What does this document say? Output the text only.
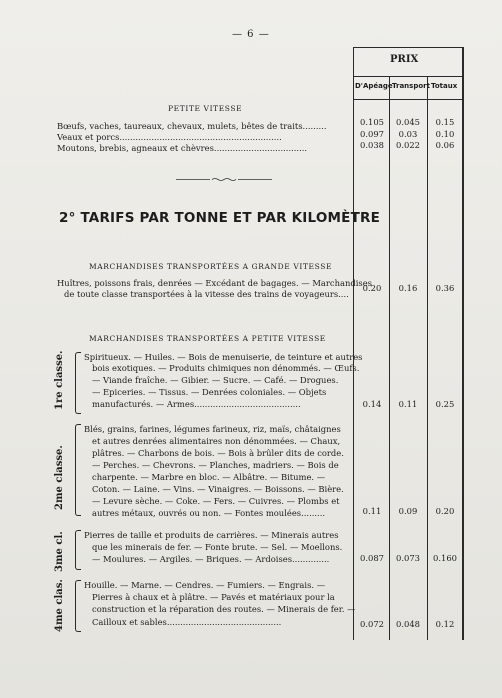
— 6 —
PRIX
D'Apéage Transport Totaux
PETITE VITESSE
Bœufs, vaches, taureaux, chevaux, mulets, bêtes de traits.........	0.105	0.045	0.15
Veaux et porcs.............................................................	0.097	0.03	0.10
Moutons, brebis, agneaux et chèvres...................................	0.038	0.022	0.06
2° TARIFS PAR TONNE ET PAR KILOMÈTRE
MARCHANDISES TRANSPORTÉES A GRANDE VITESSE
Huîtres, poissons frais, denrées — Excédant de bagages. — Marchandises
de toute classe transportées à la vitesse des trains de voyageurs....
0.20	0.16	0.36
MARCHANDISES TRANSPORTÉES A PETITE VITESSE
1re classe. Spiritueux. — Huiles. — Bois de menuiserie, de teinture et autres
bois exotiques. — Produits chimiques non dénommés. — Œufs.
— Viande fraîche. — Gibier. — Sucre. — Café. — Drogues.
— Epiceries. — Tissus. — Denrées coloniales. — Objets
manufacturés. — Armes........................................	0.14	0.11	0.25
2me classe.
Blés, grains, farines, légumes farineux, riz, maïs, châtaignes
et autres denrées alimentaires non dénommées. — Chaux,
plâtres. — Charbons de bois. — Bois à brûler dits de corde.
— Perches. — Chevrons. — Planches, madriers. — Bois de
charpente. — Marbre en bloc. — Albâtre. — Bitume. —
Coton. — Laine. — Vins. — Vinaigres. — Boissons. — Bière.
— Levure sèche. — Coke. — Fers. — Cuivres. — Plombs et
autres métaux, ouvrés ou non. — Fontes moulées.........	0.11	0.09	0.20
3me cl. Pierres de taille et produits de carrières. — Minerais autres
que les minerais de fer. — Fonte brute. — Sel. — Moellons.
— Moulures. — Argiles. — Briques. — Ardoises..............	0.087	0.073	0.160
4me clas. Houille. — Marne. — Cendres. — Fumiers. — Engrais. —
Pierres à chaux et à plâtre. — Pavés et matériaux pour la
construction et la réparation des routes. — Minerais de fer. —
Cailloux et sables...........................................	0.072	0.048	0.12
